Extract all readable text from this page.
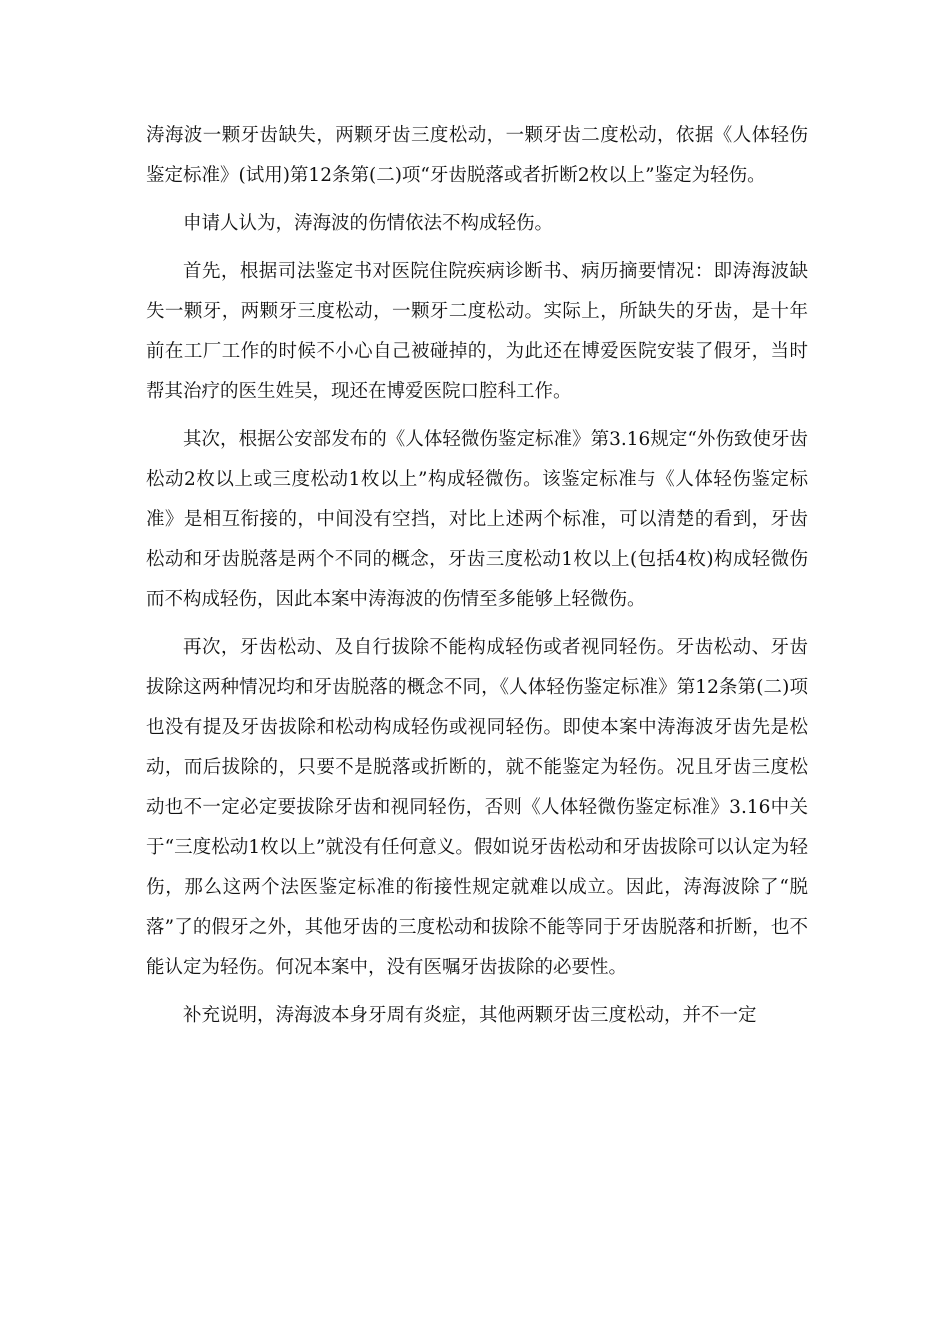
涛海波一颗牙齿缺失，两颗牙齿三度松动，一颗牙齿二度松动，依据《人体轻伤鉴定标准》(试用)第12条第(二)项“牙齿脱落或者折断2枚以上”鉴定为轻伤。

申请人认为，涛海波的伤情依法不构成轻伤。

首先，根据司法鉴定书对医院住院疾病诊断书、病历摘要情况：即涛海波缺失一颗牙，两颗牙三度松动，一颗牙二度松动。实际上，所缺失的牙齿，是十年前在工厂工作的时候不小心自己被碰掉的，为此还在博爱医院安装了假牙，当时帮其治疗的医生姓吴，现还在博爱医院口腔科工作。

其次，根据公安部发布的《人体轻微伤鉴定标准》第3.16规定“外伤致使牙齿松动2枚以上或三度松动1枚以上”构成轻微伤。该鉴定标准与《人体轻伤鉴定标准》是相互衔接的，中间没有空挡，对比上述两个标准，可以清楚的看到，牙齿松动和牙齿脱落是两个不同的概念，牙齿三度松动1枚以上(包括4枚)构成轻微伤而不构成轻伤，因此本案中涛海波的伤情至多能够上轻微伤。

再次，牙齿松动、及自行拔除不能构成轻伤或者视同轻伤。牙齿松动、牙齿拔除这两种情况均和牙齿脱落的概念不同，《人体轻伤鉴定标准》第12条第(二)项也没有提及牙齿拔除和松动构成轻伤或视同轻伤。即使本案中涛海波牙齿先是松动，而后拔除的，只要不是脱落或折断的，就不能鉴定为轻伤。况且牙齿三度松动也不一定必定要拔除牙齿和视同轻伤，否则《人体轻微伤鉴定标准》3.16中关于“三度松动1枚以上”就没有任何意义。假如说牙齿松动和牙齿拔除可以认定为轻伤，那么这两个法医鉴定标准的衔接性规定就难以成立。因此，涛海波除了“脱落”了的假牙之外，其他牙齿的三度松动和拔除不能等同于牙齿脱落和折断，也不能认定为轻伤。何况本案中，没有医嘱牙齿拔除的必要性。

补充说明，涛海波本身牙周有炎症，其他两颗牙齿三度松动，并不一定
